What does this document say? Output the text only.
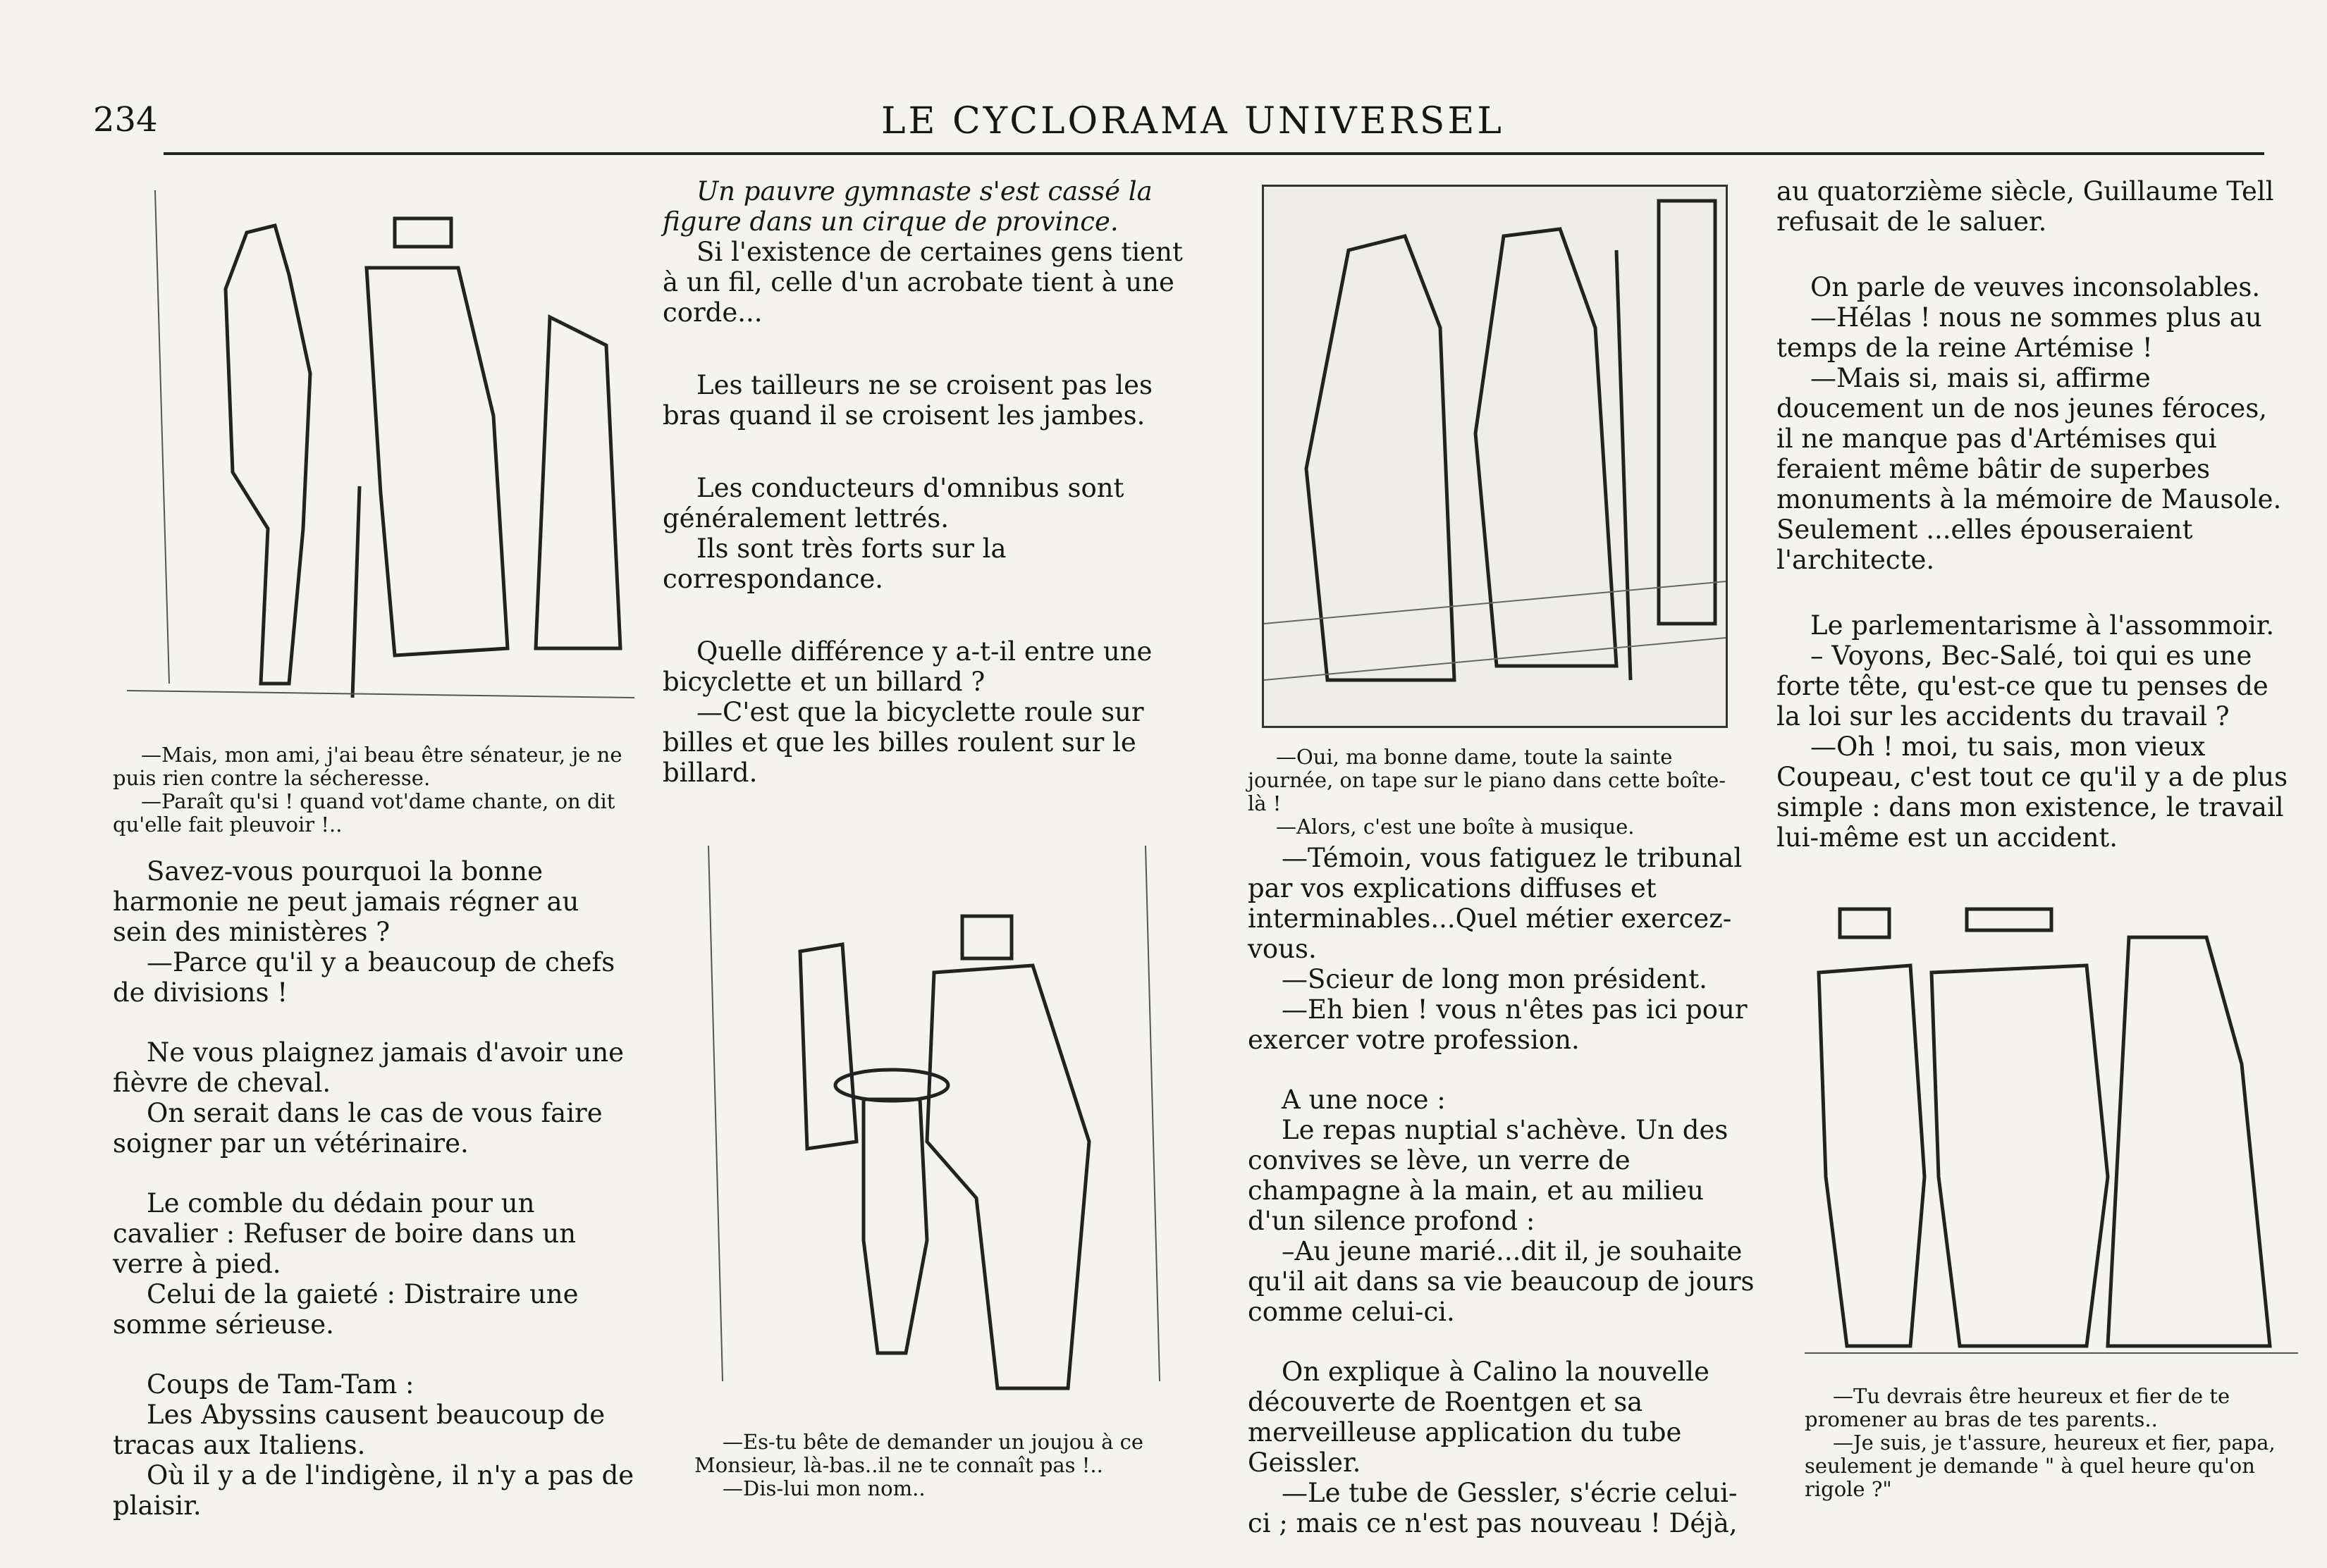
234	LE CYCLORAMA UNIVERSEL
—Mais, mon ami, j'ai beau être sénateur, je ne puis rien contre la sécheresse.
—Paraît qu'si ! quand vot'dame chante, on dit qu'elle fait pleuvoir !..

Savez-vous pourquoi la bonne harmonie ne peut jamais régner au sein des ministères ?
—Parce qu'il y a beaucoup de chefs de divisions !

Ne vous plaignez jamais d'avoir une fièvre de cheval.
On serait dans le cas de vous faire soigner par un vétérinaire.

Le comble du dédain pour un cavalier : Refuser de boire dans un verre à pied.
Celui de la gaieté : Distraire une somme sérieuse.

Coups de Tam-Tam :
Les Abyssins causent beaucoup de tracas aux Italiens.
Où il y a de l'indigène, il n'y a pas de plaisir.

Un pauvre gymnaste s'est cassé la figure dans un cirque de province.
Si l'existence de certaines gens tient à un fil, celle d'un acrobate tient à une corde...

Les tailleurs ne se croisent pas les bras quand il se croisent les jambes.

Les conducteurs d'omnibus sont généralement lettrés.
Ils sont très forts sur la correspondance.

Quelle différence y a-t-il entre une bicyclette et un billard ?
—C'est que la bicyclette roule sur billes et que les billes roulent sur le billard.

—Es-tu bête de demander un joujou à ce Monsieur, là-bas..il ne te connaît pas !..
—Dis-lui mon nom..
—Oui, ma bonne dame, toute la sainte journée, on tape sur le piano dans cette boîte-là !
—Alors, c'est une boîte à musique.

—Témoin, vous fatiguez le tribunal par vos explications diffuses et interminables...Quel métier exercez-vous.
—Scieur de long mon président.
—Eh bien ! vous n'êtes pas ici pour exercer votre profession.

A une noce :
Le repas nuptial s'achève. Un des convives se lève, un verre de champagne à la main, et au milieu d'un silence profond :
–Au jeune marié...dit il, je souhaite qu'il ait dans sa vie beaucoup de jours comme celui-ci.

On explique à Calino la nouvelle découverte de Roentgen et sa merveilleuse application du tube Geissler.
—Le tube de Gessler, s'écrie celui-ci ; mais ce n'est pas nouveau ! Déjà,

au quatorzième siècle, Guillaume Tell refusait de le saluer.

On parle de veuves inconsolables.
—Hélas ! nous ne sommes plus au temps de la reine Artémise !
—Mais si, mais si, affirme doucement un de nos jeunes féroces, il ne manque pas d'Artémises qui feraient même bâtir de superbes monuments à la mémoire de Mausole. Seulement ...elles épouseraient l'architecte.

Le parlementarisme à l'assommoir.
– Voyons, Bec-Salé, toi qui es une forte tête, qu'est-ce que tu penses de la loi sur les accidents du travail ?
—Oh ! moi, tu sais, mon vieux Coupeau, c'est tout ce qu'il y a de plus simple : dans mon existence, le travail lui-même est un accident.

—Tu devrais être heureux et fier de te promener au bras de tes parents..
—Je suis, je t'assure, heureux et fier, papa, seulement je demande " à quel heure qu'on rigole ?"
